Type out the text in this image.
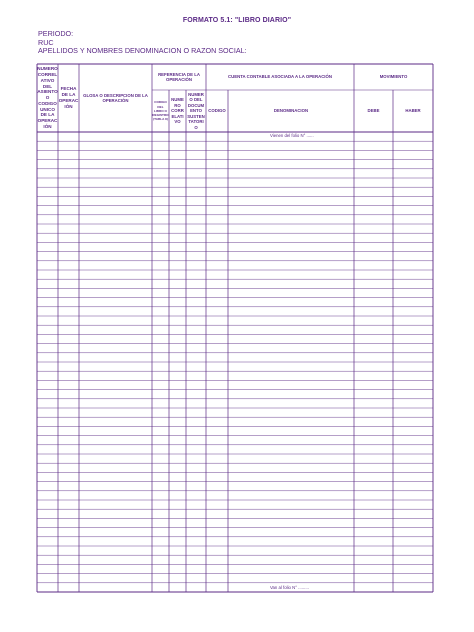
FORMATO 5.1: "LIBRO DIARIO"
PERIODO:
RUC
APELLIDOS Y NOMBRES DENOMINACION O RAZON SOCIAL:
NUMERO CORREL ATIVO DEL ASIENTO O CODIGO UNICO DE LA OPERAC IÓN
FECHA DE LA OPERAC IÓN
GLOSA O DESCRIPCION DE LA OPERACIÓN
REFERENCIA DE LA OPERACIÓN
CODIGO DEL LIBRO O REGISTRO (TABLA 8)
NUME RO CORR ELATI VO
NUMER O DEL DOCUM ENTO SUSTEN TATORI O
CUENTA CONTABLE ASOCIADA A LA OPERACIÓN
CODIGO	DENOMINACION
MOVIMIENTO
DEBE	HABER
Vienen del folio N° ......
Van al folio N° .........
